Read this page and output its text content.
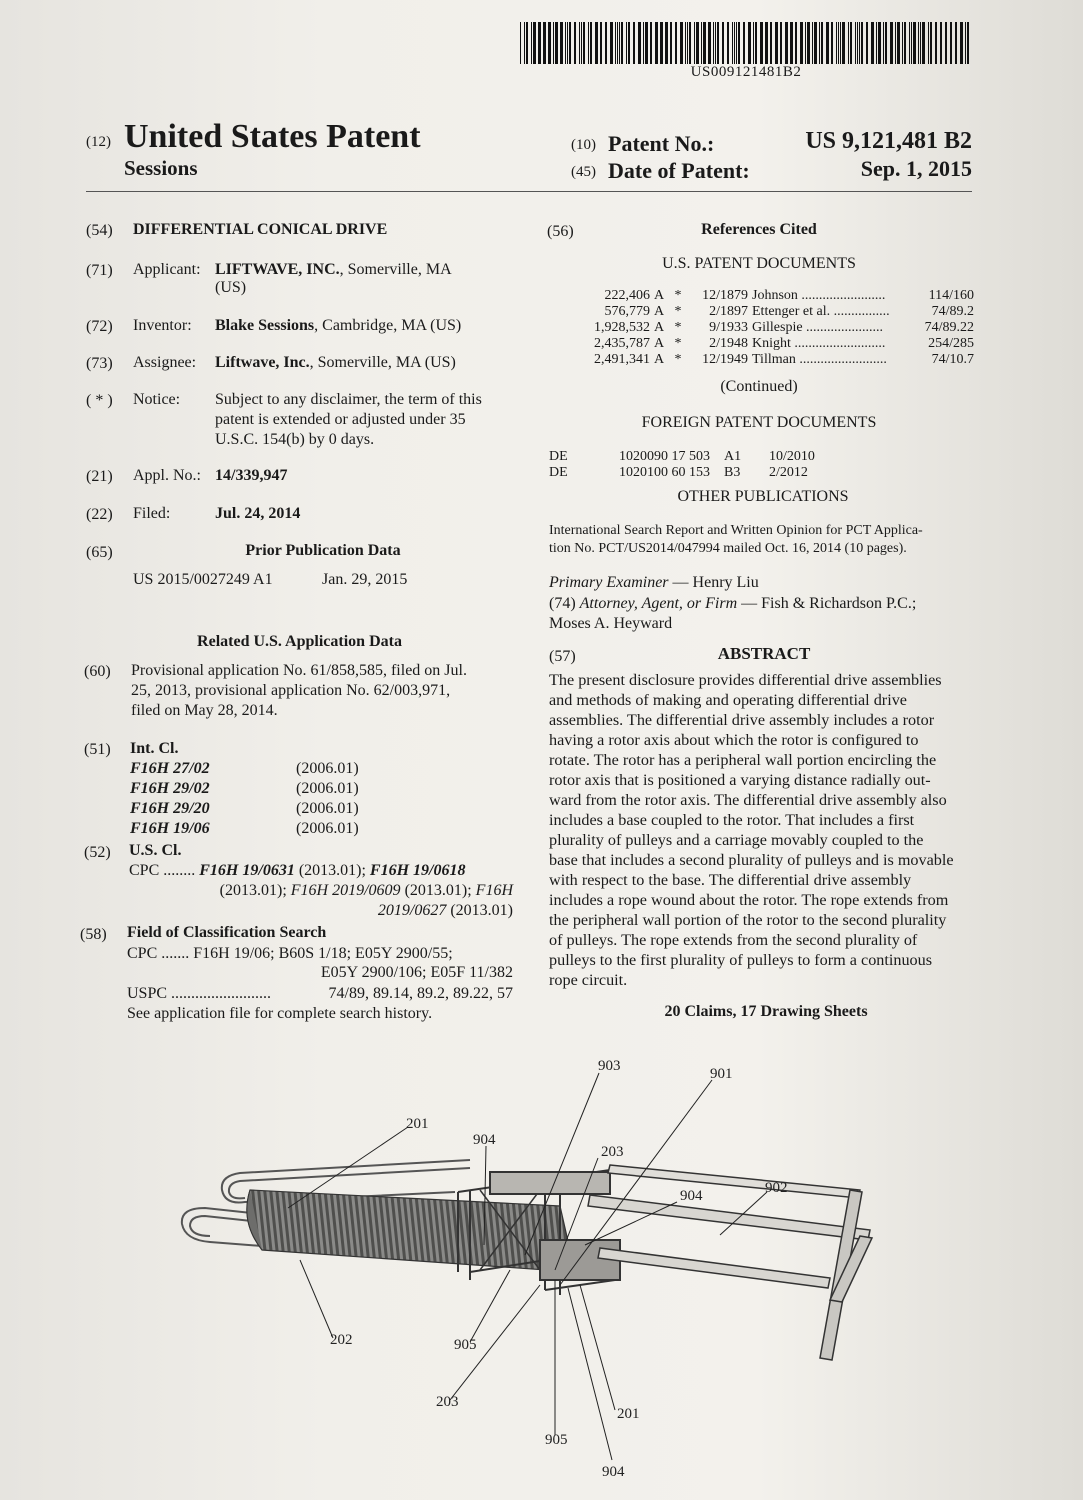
US009121481B2
(12) United States Patent
Sessions
(10) Patent No.:	US 9,121,481 B2
(45) Date of Patent:	Sep. 1, 2015
(54) DIFFERENTIAL CONICAL DRIVE
(71) Applicant: LIFTWAVE, INC., Somerville, MA
(US)
(72) Inventor: Blake Sessions, Cambridge, MA (US)
(73) Assignee: Liftwave, Inc., Somerville, MA (US)
( * ) Notice: Subject to any disclaimer, the term of this
patent is extended or adjusted under 35
U.S.C. 154(b) by 0 days.
(21) Appl. No.: 14/339,947
(22) Filed:	Jul. 24, 2014
(65)	Prior Publication Data
US 2015/0027249 A1	Jan. 29, 2015
Related U.S. Application Data
(60) Provisional application No. 61/858,585, filed on Jul.
25, 2013, provisional application No. 62/003,971,
filed on May 28, 2014.
(51) Int. Cl.
F16H 27/02	(2006.01)
F16H 29/02	(2006.01)
F16H 29/20	(2006.01)
F16H 19/06	(2006.01)
(52) U.S. Cl.
CPC ........ F16H 19/0631 (2013.01); F16H 19/0618
(2013.01); F16H 2019/0609 (2013.01); F16H
2019/0627 (2013.01)
(58) Field of Classification Search
CPC ....... F16H 19/06; B60S 1/18; E05Y 2900/55;
E05Y 2900/106; E05F 11/382
USPC .........................	74/89, 89.14, 89.2, 89.22, 57
See application file for complete search history.
(56)	References Cited
U.S. PATENT DOCUMENTS
222,406 A *	12/1879 Johnson ........................	114/160
576,779 A *	2/1897 Ettenger et al. ................	74/89.2
1,928,532 A *	9/1933 Gillespie ......................	74/89.22
2,435,787 A *	2/1948 Knight ..........................	254/285
2,491,341 A *	12/1949 Tillman .........................	74/10.7
(Continued)
FOREIGN PATENT DOCUMENTS
DE	1020090 17 503	A1	10/2010
DE	1020100 60 153	B3	2/2012
OTHER PUBLICATIONS
International Search Report and Written Opinion for PCT Applica-
tion No. PCT/US2014/047994 mailed Oct. 16, 2014 (10 pages).
Primary Examiner — Henry Liu
(74) Attorney, Agent, or Firm — Fish & Richardson P.C.;
Moses A. Heyward
(57)	ABSTRACT
The present disclosure provides differential drive assemblies
and methods of making and operating differential drive
assemblies. The differential drive assembly includes a rotor
having a rotor axis about which the rotor is configured to
rotate. The rotor has a peripheral wall portion encircling the
rotor axis that is positioned a varying distance radially out-
ward from the rotor axis. The differential drive assembly also
includes a base coupled to the rotor. That includes a first
plurality of pulleys and a carriage movably coupled to the
base that includes a second plurality of pulleys and is movable
with respect to the base. The differential drive assembly
includes a rope wound about the rotor. The rope extends from
the peripheral wall portion of the rotor to the second plurality
of pulleys. The rope extends from the second plurality of
pulleys to the first plurality of pulleys to form a continuous
rope circuit.
20 Claims, 17 Drawing Sheets
903	901
201
904
203
904	902
202	905
203
905
201
904
